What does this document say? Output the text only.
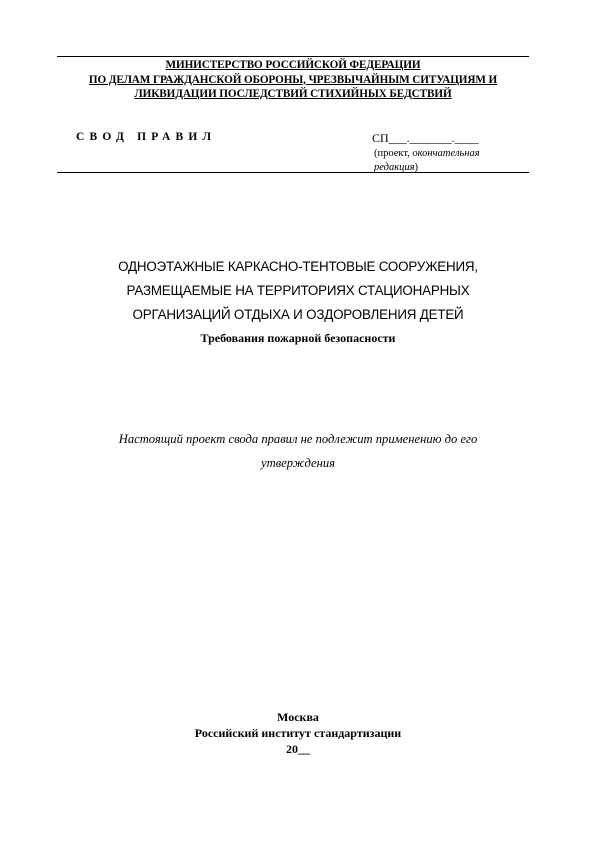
МИНИСТЕРСТВО РОССИЙСКОЙ ФЕДЕРАЦИИ
ПО ДЕЛАМ ГРАЖДАНСКОЙ ОБОРОНЫ, ЧРЕЗВЫЧАЙНЫМ СИТУАЦИЯМ И
ЛИКВИДАЦИИ ПОСЛЕДСТВИЙ СТИХИЙНЫХ БЕДСТВИЙ
СВОД ПРАВИЛ	СП___._______.____
(проект, окончательная редакция)
ОДНОЭТАЖНЫЕ КАРКАСНО-ТЕНТОВЫЕ СООРУЖЕНИЯ,
РАЗМЕЩАЕМЫЕ НА ТЕРРИТОРИЯХ СТАЦИОНАРНЫХ
ОРГАНИЗАЦИЙ ОТДЫХА И ОЗДОРОВЛЕНИЯ ДЕТЕЙ
Требования пожарной безопасности
Настоящий проект свода правил не подлежит применению до его
утверждения
Москва
Российский институт стандартизации
20__
